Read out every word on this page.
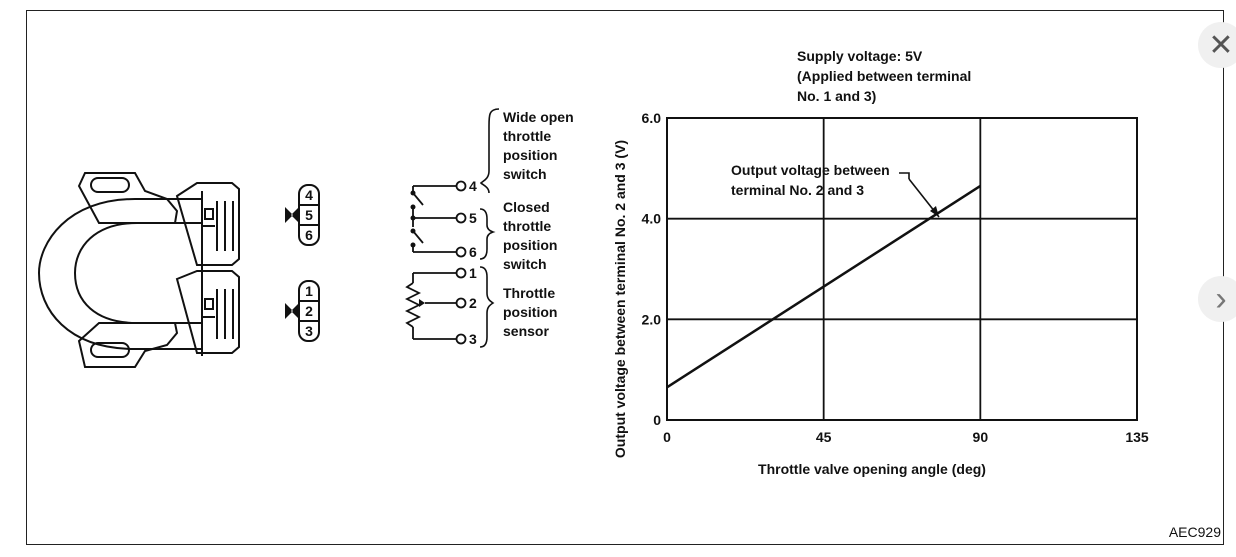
4
5
6
1
2
3
4
5
6
1
2
3
Wide open
throttle
position
switch
Closed
throttle
position
switch
Throttle
position
sensor
0	45	90	135
0
2.0
4.0
6.0
Supply voltage: 5V
(Applied between terminal
No. 1 and 3)
Output voltage between
terminal No. 2 and 3
Throttle valve opening angle (deg)
Output voltage between terminal No. 2 and 3 (V)
AEC929
✕
›
